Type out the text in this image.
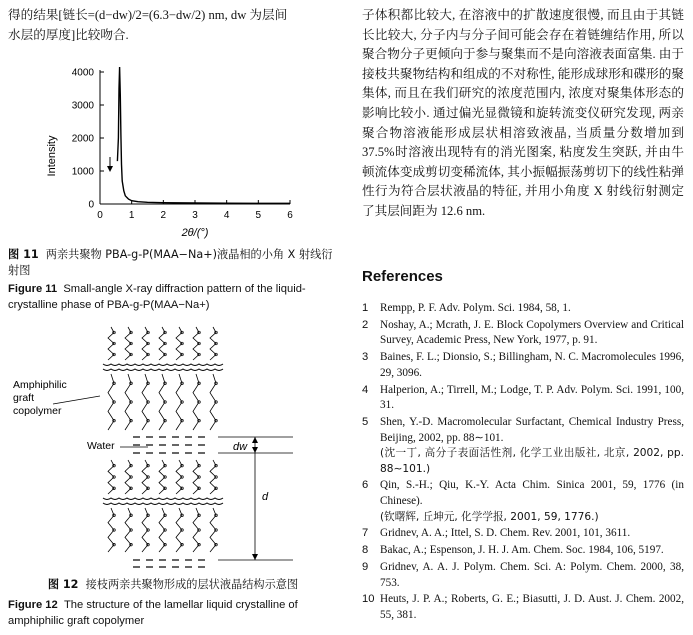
得的结果[链长=(d−dw)/2=(6.3−dw/2) nm, dw 为层间

水层的厚度]比较吻合.

0	1	2	3	4	5	6
0
1000
2000
3000
4000
Intensity
2θ/(°)

图 11 两亲共聚物 PBA-g-P(MAA−Na+)液晶相的小角 X 射线衍射图

Figure 11 Small-angle X-ray diffraction pattern of the liquid-crystalline phase of PBA-g-P(MAA−Na+)

Amphiphilic
graft
copolymer
Water	dw
d

图 12 接枝两亲共聚物形成的层状液晶结构示意图

Figure 12 The structure of the lamellar liquid crystalline of amphiphilic graft copolymer

子体积都比较大, 在溶液中的扩散速度很慢, 而且由于其链长比较大, 分子内与分子间可能会存在着链缠结作用, 所以聚合物分子更倾向于参与聚集而不是向溶液表面富集. 由于接枝共聚物结构和组成的不对称性, 能形成球形和碟形的聚集体, 而且在我们研究的浓度范围内, 浓度对聚集体形态的影响比较小. 通过偏光显微镜和旋转流变仪研究发现, 两亲聚合物溶液能形成层状相溶致液晶, 当质量分数增加到 37.5%时溶液出现特有的消光图案, 粘度发生突跃, 并由牛顿流体变成剪切变稀流体, 其小振幅振荡剪切下的线性粘弹性行为符合层状液晶的特征, 并用小角度 X 射线衍射测定了其层间距为 12.6 nm.

References
1	Rempp, P. F. Adv. Polym. Sci. 1984, 58, 1.
2	Noshay, A.; Mcrath, J. E. Block Copolymers Overview and Critical Survey, Academic Press, New York, 1977, p. 91.
3	Baines, F. L.; Dionsio, S.; Billingham, N. C. Macromolecules 1996, 29, 3096.
4	Halperion, A.; Tirrell, M.; Lodge, T. P. Adv. Polym. Sci. 1991, 100, 31.
5	Shen, Y.-D. Macromolecular Surfactant, Chemical Industry Press, Beijing, 2002, pp. 88∼101.
(沈一丁, 高分子表面活性剂, 化学工业出版社, 北京, 2002, pp. 88∼101.)
6	Qin, S.-H.; Qiu, K.-Y. Acta Chim. Sinica 2001, 59, 1776 (in Chinese).
(钦曙辉, 丘坤元, 化学学报, 2001, 59, 1776.)
7	Gridnev, A. A.; Ittel, S. D. Chem. Rev. 2001, 101, 3611.
8	Bakac, A.; Espenson, J. H. J. Am. Chem. Soc. 1984, 106, 5197.
9	Gridnev, A. A. J. Polym. Chem. Sci. A: Polym. Chem. 2000, 38, 753.
10 Heuts, J. P. A.; Roberts, G. E.; Biasutti, J. D. Aust. J. Chem. 2002, 55, 381.
